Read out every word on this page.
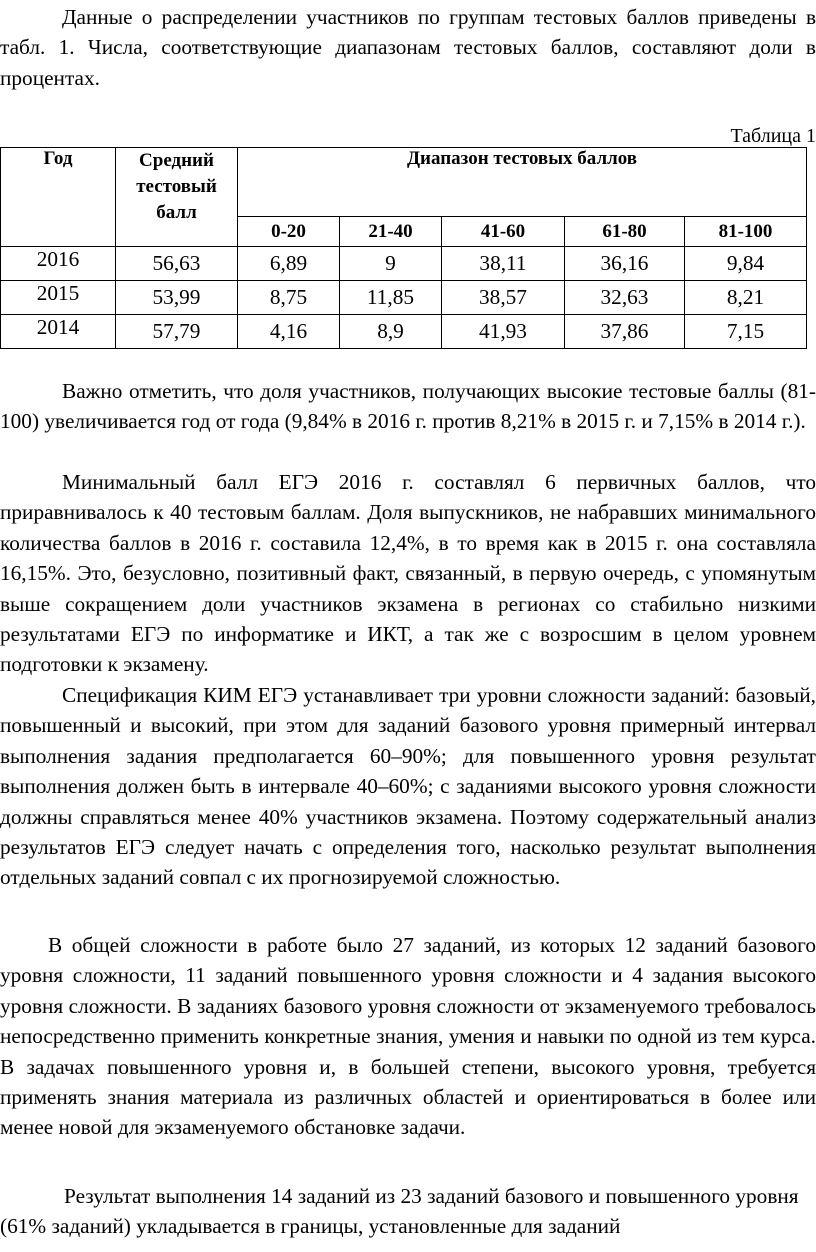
Данные о распределении участников по группам тестовых баллов приведены в табл. 1. Числа, соответствующие диапазонам тестовых баллов, составляют доли в процентах.

Таблица 1
Год	Средний
тестовый
балл	Диапазон тестовых баллов				
		0-20	21-40	41-60	61-80	81-100
2016	56,63	6,89	9	38,11	36,16	9,84
2015	53,99	8,75	11,85	38,57	32,63	8,21
2014	57,79	4,16	8,9	41,93	37,86	7,15

Важно отметить, что доля участников, получающих высокие тестовые баллы (81-100) увеличивается год от года (9,84% в 2016 г. против 8,21% в 2015 г. и 7,15% в 2014 г.).

Минимальный балл ЕГЭ 2016 г. составлял 6 первичных баллов, что приравнивалось к 40 тестовым баллам. Доля выпускников, не набравших минимального количества баллов в 2016 г. составила 12,4%, в то время как в 2015 г. она составляла 16,15%. Это, безусловно, позитивный факт, связанный, в первую очередь, с упомянутым выше сокращением доли участников экзамена в регионах со стабильно низкими результатами ЕГЭ по информатике и ИКТ, а так же с возросшим в целом уровнем подготовки к экзамену.

Спецификация КИМ ЕГЭ устанавливает три уровни сложности заданий: базовый, повышенный и высокий, при этом для заданий базового уровня примерный интервал выполнения задания предполагается 60–90%; для повышенного уровня результат выполнения должен быть в интервале 40–60%; с заданиями высокого уровня сложности должны справляться менее 40% участников экзамена. Поэтому содержательный анализ результатов ЕГЭ следует начать с определения того, насколько результат выполнения отдельных заданий совпал с их прогнозируемой сложностью.

В общей сложности в работе было 27 заданий, из которых 12 заданий базового уровня сложности, 11 заданий повышенного уровня сложности и 4 задания высокого уровня сложности. В заданиях базового уровня сложности от экзаменуемого требовалось непосредственно применить конкретные знания, умения и навыки по одной из тем курса. В задачах повышенного уровня и, в большей степени, высокого уровня, требуется применять знания материала из различных областей и ориентироваться в более или менее новой для экзаменуемого обстановке задачи.

Результат выполнения 14 заданий из 23 заданий базового и повышенного уровня (61% заданий) укладывается в границы, установленные для заданий
